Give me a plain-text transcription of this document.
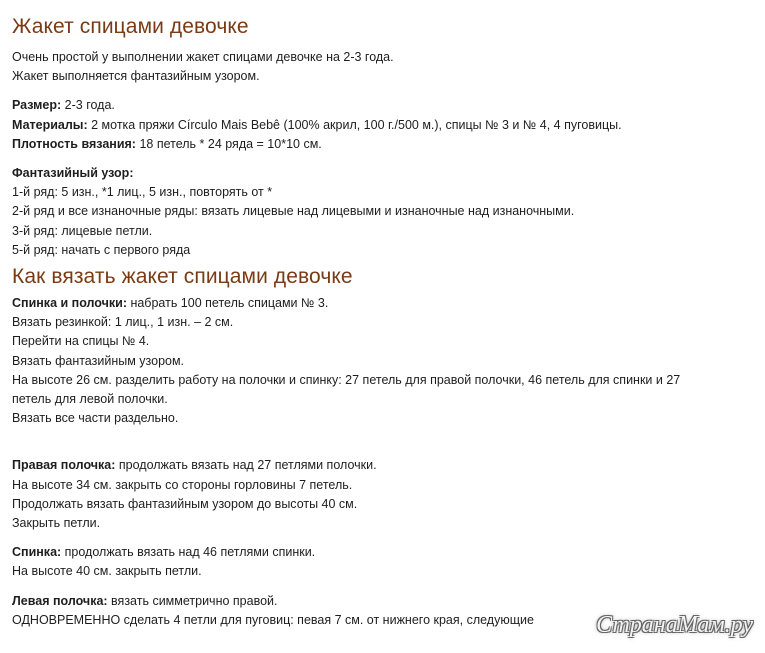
Жакет спицами девочке

Очень простой у выполнении жакет спицами девочке на 2-3 года.

Жакет выполняется фантазийным узором.

Размер: 2-3 года.

Материалы: 2 мотка пряжи Círculo Mais Bebê (100% акрил, 100 г./500 м.), спицы № 3 и № 4, 4 пуговицы.

Плотность вязания: 18 петель * 24 ряда = 10*10 см.

Фантазийный узор:

1-й ряд: 5 изн., *1 лиц., 5 изн., повторять от *

2-й ряд и все изнаночные ряды: вязать лицевые над лицевыми и изнаночные над изнаночными.

3-й ряд: лицевые петли.

5-й ряд: начать с первого ряда

Как вязать жакет спицами девочке

Спинка и полочки: набрать 100 петель спицами № 3.

Вязать резинкой: 1 лиц., 1 изн. – 2 см.

Перейти на спицы № 4.

Вязать фантазийным узором.

На высоте 26 см. разделить работу на полочки и спинку: 27 петель для правой полочки, 46 петель для спинки и 27

петель для левой полочки.

Вязать все части раздельно.

Правая полочка: продолжать вязать над 27 петлями полочки.

На высоте 34 см. закрыть со стороны горловины 7 петель.

Продолжать вязать фантазийным узором до высоты 40 см.

Закрыть петли.

Спинка: продолжать вязать над 46 петлями спинки.

На высоте 40 см. закрыть петли.

Левая полочка: вязать симметрично правой.

ОДНОВРЕМЕННО сделать 4 петли для пуговиц: певая 7 см. от нижнего края, следующие	СтранаМам.ру
